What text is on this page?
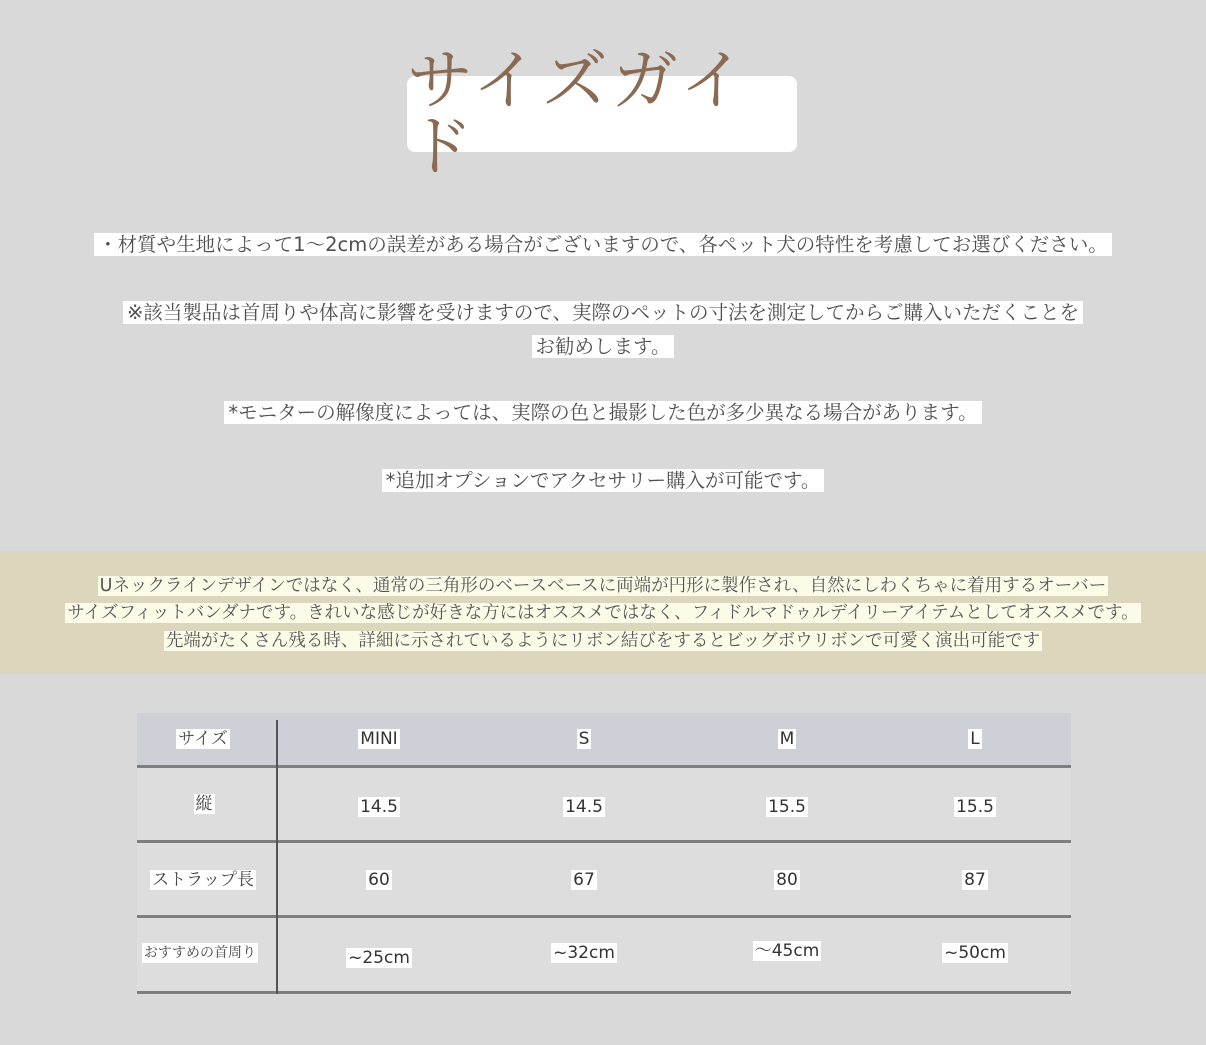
サイズガイド
・材質や生地によって1〜2cmの誤差がある場合がございますので、各ペット犬の特性を考慮してお選びください。
※該当製品は首周りや体高に影響を受けますので、実際のペットの寸法を測定してからご購入いただくことを
お勧めします。
*モニターの解像度によっては、実際の色と撮影した色が多少異なる場合があります。
*追加オプションでアクセサリー購入が可能です。
Uネックラインデザインではなく、通常の三角形のベースベースに両端が円形に製作され、自然にしわくちゃに着用するオーバー
サイズフィットバンダナです。きれいな感じが好きな方にはオススメではなく、フィドルマドゥルデイリーアイテムとしてオススメです。
先端がたくさん残る時、詳細に示されているようにリボン結びをするとビッグボウリボンで可愛く演出可能です
サイズ	MINI	S	M	L
縦	14.5	14.5	15.5	15.5
ストラップ長	60	67	80	87
おすすめの首周り	~25cm	~32cm	〜45cm	~50cm
